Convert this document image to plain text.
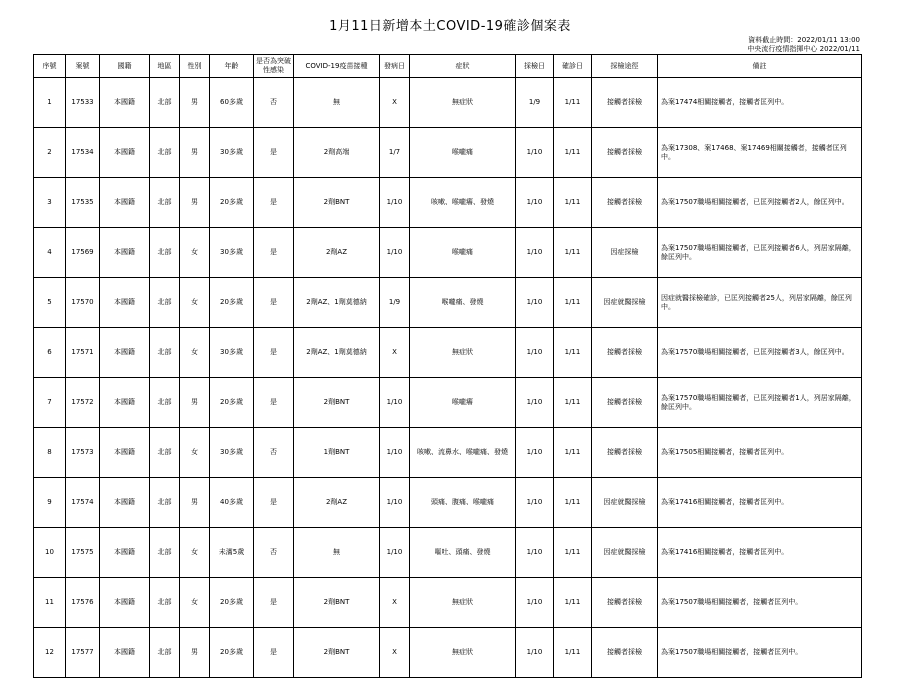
1月11日新增本土COVID-19確診個案表
資料截止時間：2022/01/11 13:00
中央流行疫情指揮中心 2022/01/11
序號	案號	國籍	地區	性別	年齡	是否為突破性感染	COVID-19疫苗接種	發病日	症狀	採檢日	確診日	採檢途徑	備註
1	17533	本國籍	北部	男	60多歲	否	無	X	無症狀	1/9	1/11	接觸者採檢	為案17474相關接觸者，接觸者匡列中。
2	17534	本國籍	北部	男	30多歲	是	2劑高端	1/7	喉嚨痛	1/10	1/11	接觸者採檢	為案17308、案17468、案17469相關接觸者，接觸者匡列中。
3	17535	本國籍	北部	男	20多歲	是	2劑BNT	1/10	咳嗽、喉嚨癢、發燒	1/10	1/11	接觸者採檢	為案17507職場相關接觸者，已匡列接觸者2人，餘匡列中。
4	17569	本國籍	北部	女	30多歲	是	2劑AZ	1/10	喉嚨痛	1/10	1/11	因症採檢	為案17507職場相關接觸者，已匡列接觸者6人，列居家隔離，餘匡列中。
5	17570	本國籍	北部	女	20多歲	是	2劑AZ、1劑莫德納	1/9	喉嚨痛、發燒	1/10	1/11	因症就醫採檢	因症就醫採檢確診，已匡列接觸者25人，列居家隔離，餘匡列中。
6	17571	本國籍	北部	女	30多歲	是	2劑AZ、1劑莫德納	X	無症狀	1/10	1/11	接觸者採檢	為案17570職場相關接觸者，已匡列接觸者3人，餘匡列中。
7	17572	本國籍	北部	男	20多歲	是	2劑BNT	1/10	喉嚨癢	1/10	1/11	接觸者採檢	為案17570職場相關接觸者，已匡列接觸者1人，列居家隔離，餘匡列中。
8	17573	本國籍	北部	女	30多歲	否	1劑BNT	1/10	咳嗽、流鼻水、喉嚨痛、發燒	1/10	1/11	接觸者採檢	為案17505相關接觸者，接觸者匡列中。
9	17574	本國籍	北部	男	40多歲	是	2劑AZ	1/10	頭痛、腹痛、喉嚨痛	1/10	1/11	因症就醫採檢	為案17416相關接觸者，接觸者匡列中。
10	17575	本國籍	北部	女	未滿5歲	否	無	1/10	嘔吐、頭痛、發燒	1/10	1/11	因症就醫採檢	為案17416相關接觸者，接觸者匡列中。
11	17576	本國籍	北部	女	20多歲	是	2劑BNT	X	無症狀	1/10	1/11	接觸者採檢	為案17507職場相關接觸者，接觸者匡列中。
12	17577	本國籍	北部	男	20多歲	是	2劑BNT	X	無症狀	1/10	1/11	接觸者採檢	為案17507職場相關接觸者，接觸者匡列中。
